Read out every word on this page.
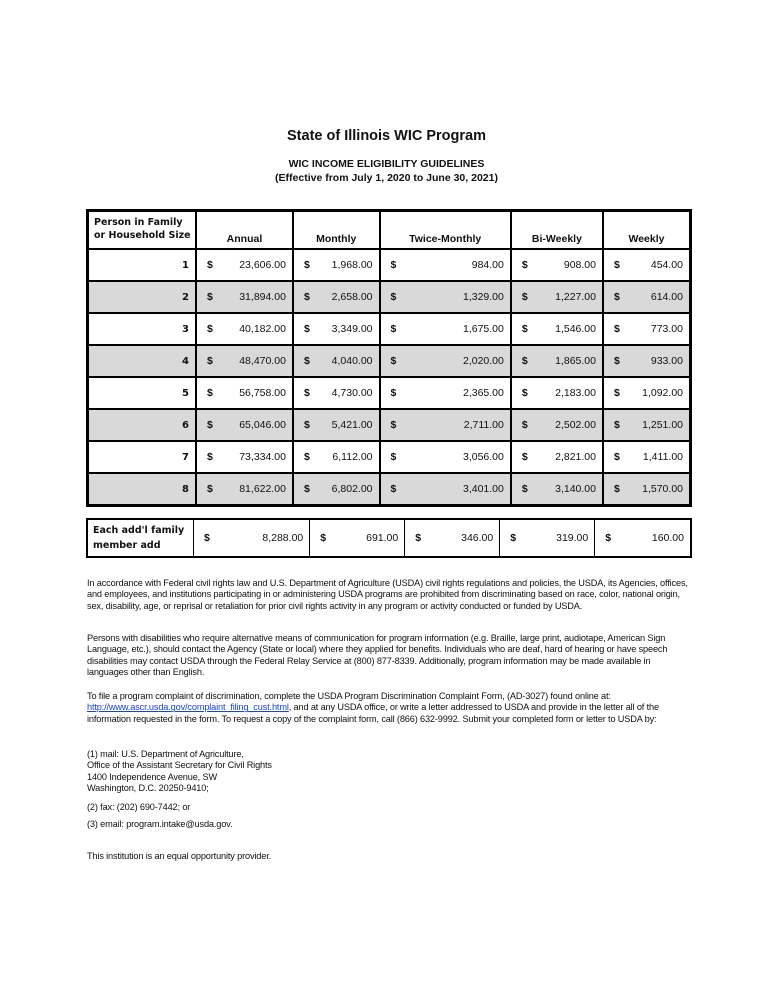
State of Illinois WIC Program
WIC INCOME ELIGIBILITY GUIDELINES
(Effective from July 1, 2020 to June 30, 2021)
Person in Family
or Household Size	Annual	Monthly	Twice-Monthly	Bi-Weekly	Weekly
1	$ 23,606.00	$ 1,968.00	$ 984.00	$ 908.00	$ 454.00

2	$ 31,894.00	$ 2,658.00	$ 1,329.00	$ 1,227.00	$ 614.00

3	$ 40,182.00	$ 3,349.00	$ 1,675.00	$ 1,546.00	$ 773.00

4	$ 48,470.00	$ 4,040.00	$ 2,020.00	$ 1,865.00	$ 933.00

5	$ 56,758.00	$ 4,730.00	$ 2,365.00	$ 2,183.00	$ 1,092.00

6	$ 65,046.00	$ 5,421.00	$ 2,711.00	$ 2,502.00	$ 1,251.00

7	$ 73,334.00	$ 6,112.00	$ 3,056.00	$ 2,821.00	$ 1,411.00

8	$ 81,622.00	$ 6,802.00	$ 3,401.00	$ 3,140.00	$ 1,570.00
Each add'l family
member add

$	8,288.00	$	691.00	$	346.00	$	319.00	$	160.00
In accordance with Federal civil rights law and U.S. Department of Agriculture (USDA) civil rights regulations and policies, the USDA, its Agencies, offices, and employees, and institutions participating in or administering USDA programs are prohibited from discriminating based on race, color, national origin, sex, disability, age, or reprisal or retaliation for prior civil rights activity in any program or activity conducted or funded by USDA.
Persons with disabilities who require alternative means of communication for program information (e.g. Braille, large print, audiotape, American Sign Language, etc.), should contact the Agency (State or local) where they applied for benefits. Individuals who are deaf, hard of hearing or have speech disabilities may contact USDA through the Federal Relay Service at (800) 877-8339. Additionally, program information may be made available in languages other than English.
To file a program complaint of discrimination, complete the USDA Program Discrimination Complaint Form, (AD-3027) found online at: http://www.ascr.usda.gov/complaint_filing_cust.html, and at any USDA office, or write a letter addressed to USDA and provide in the letter all of the information requested in the form. To request a copy of the complaint form, call (866) 632-9992. Submit your completed form or letter to USDA by:
(1) mail: U.S. Department of Agriculture,
Office of the Assistant Secretary for Civil Rights
1400 Independence Avenue, SW
Washington, D.C. 20250-9410;
(2) fax: (202) 690-7442; or
(3) email: program.intake@usda.gov.
This institution is an equal opportunity provider.
